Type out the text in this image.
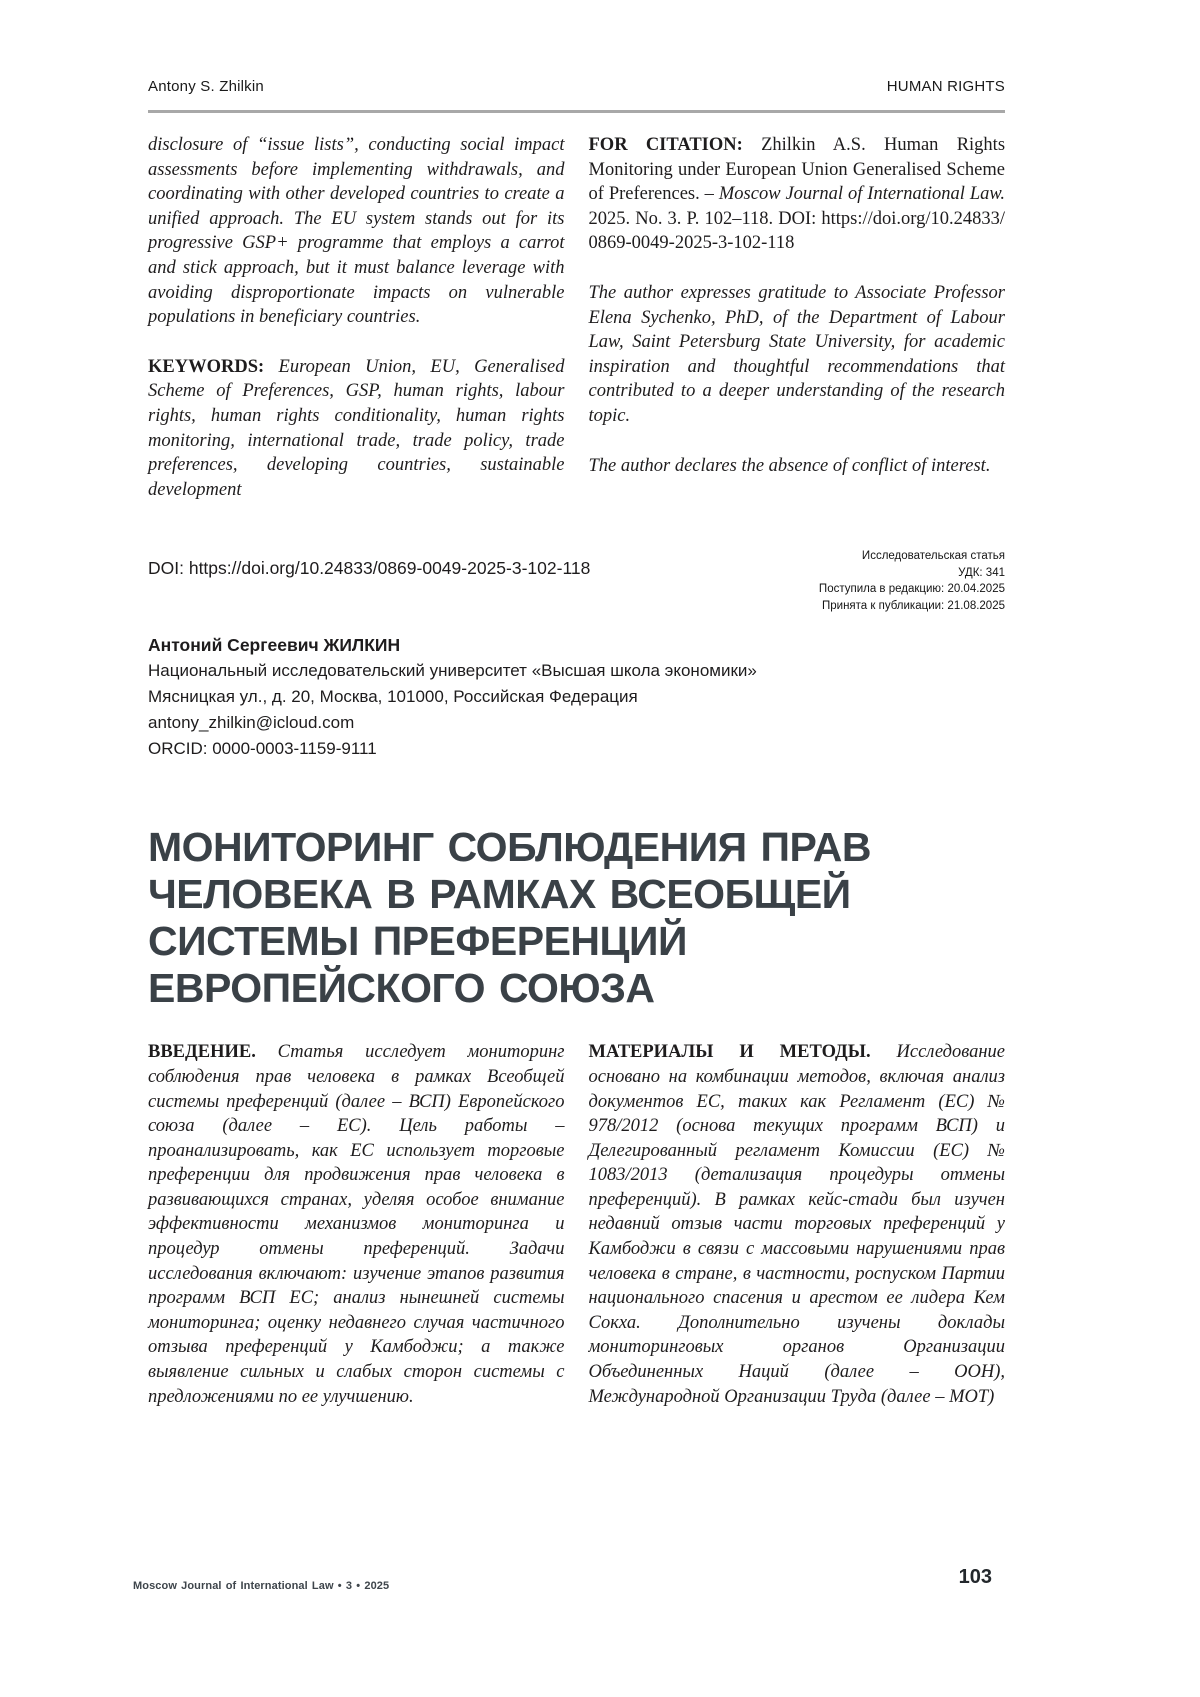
Antony S. Zhilkin	HUMAN RIGHTS

disclosure of “issue lists”, conducting social impact assessments before implementing withdrawals, and coordinating with other developed countries to create a unified approach. The EU system stands out for its progressive GSP+ programme that employs a carrot and stick approach, but it must balance leverage with avoiding disproportionate impacts on vulnerable populations in beneficiary countries.

KEYWORDS: European Union, EU, Generalised Scheme of Preferences, GSP, human rights, labour rights, human rights conditionality, human rights monitoring, international trade, trade policy, trade preferences, developing countries, sustainable development

FOR CITATION: Zhilkin A.S. Human Rights Monitoring under European Union Generalised Scheme of Preferences. – Moscow Journal of International Law. 2025. No. 3. P. 102–118. DOI: https://doi.org/10.24833/0869-0049-2025-3-102-118

The author expresses gratitude to Associate Professor Elena Sychenko, PhD, of the Department of Labour Law, Saint Petersburg State University, for academic inspiration and thoughtful recommendations that contributed to a deeper understanding of the research topic.

The author declares the absence of conflict of interest.

DOI: https://doi.org/10.24833/0869-0049-2025-3-102-118
Исследовательская статья
УДК: 341
Поступила в редакцию: 20.04.2025
Принята к публикации: 21.08.2025
Антоний Сергеевич ЖИЛКИН
Национальный исследовательский университет «Высшая школа экономики»
Мясницкая ул., д. 20, Москва, 101000, Российская Федерация
antony_zhilkin@icloud.com
ORCID: 0000-0003-1159-9111
МОНИТОРИНГ СОБЛЮДЕНИЯ ПРАВ
ЧЕЛОВЕКА В РАМКАХ ВСЕОБЩЕЙ
СИСТЕМЫ ПРЕФЕРЕНЦИЙ
ЕВРОПЕЙСКОГО СОЮЗА

ВВЕДЕНИЕ. Статья исследует мониторинг соблюдения прав человека в рамках Всеобщей системы преференций (далее – ВСП) Европейского союза (далее – ЕС). Цель работы – проанализировать, как ЕС использует торговые преференции для продвижения прав человека в развивающихся странах, уделяя особое внимание эффективности механизмов мониторинга и процедур отмены преференций. Задачи исследования включают: изучение этапов развития программ ВСП ЕС; анализ нынешней системы мониторинга; оценку недавнего случая частичного отзыва преференций у Камбоджи; а также выявление сильных и слабых сторон системы с предложениями по ее улучшению.

МАТЕРИАЛЫ И МЕТОДЫ. Исследование основано на комбинации методов, включая анализ документов ЕС, таких как Регламент (ЕС) № 978/2012 (основа текущих программ ВСП) и Делегированный регламент Комиссии (ЕС) № 1083/2013 (детализация процедуры отмены преференций). В рамках кейс-стади был изучен недавний отзыв части торговых преференций у Камбоджи в связи с массовыми нарушениями прав человека в стране, в частности, роспуском Партии национального спасения и арестом ее лидера Кем Сокха. Дополнительно изучены доклады мониторинговых органов Организации Объединенных Наций (далее – ООН), Международной Организации Труда (далее – МОТ)

Moscow Journal of International Law • 3 • 2025	103
